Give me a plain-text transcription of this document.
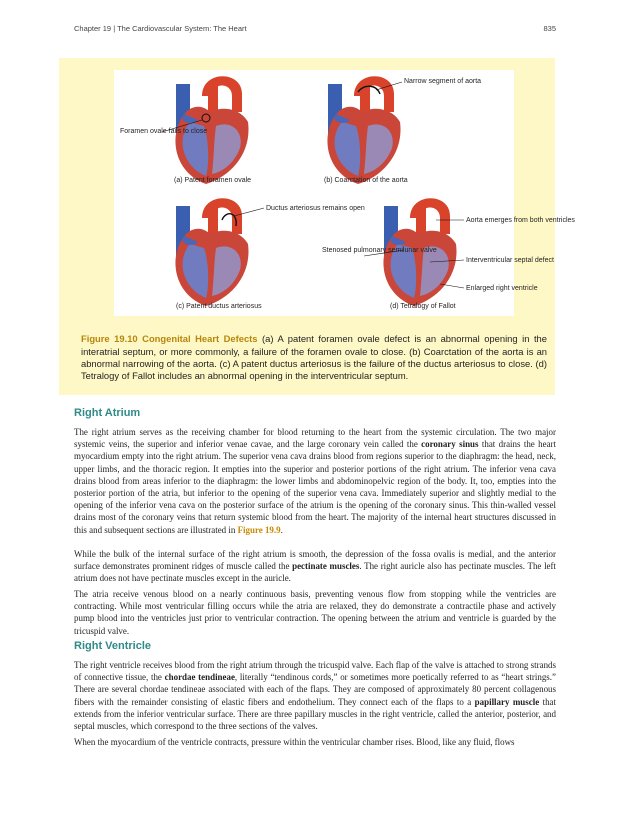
Chapter 19 | The Cardiovascular System: The Heart	835
Foramen ovale fails to close
(a) Patent foramen ovale
Narrow segment of aorta
(b) Coarctation of the aorta
Ductus arteriosus remains open
(c) Patent ductus arteriosus
Aorta emerges from both ventricles
Stenosed pulmonary semilunar valve
Interventricular septal defect
Enlarged right ventricle
(d) Tetralogy of Fallot

Figure 19.10 Congenital Heart Defects (a) A patent foramen ovale defect is an abnormal opening in the interatrial septum, or more commonly, a failure of the foramen ovale to close. (b) Coarctation of the aorta is an abnormal narrowing of the aorta. (c) A patent ductus arteriosus is the failure of the ductus arteriosus to close. (d) Tetralogy of Fallot includes an abnormal opening in the interventricular septum.

Right Atrium

The right atrium serves as the receiving chamber for blood returning to the heart from the systemic circulation. The two major systemic veins, the superior and inferior venae cavae, and the large coronary vein called the coronary sinus that drains the heart myocardium empty into the right atrium. The superior vena cava drains blood from regions superior to the diaphragm: the head, neck, upper limbs, and the thoracic region. It empties into the superior and posterior portions of the right atrium. The inferior vena cava drains blood from areas inferior to the diaphragm: the lower limbs and abdominopelvic region of the body. It, too, empties into the posterior portion of the atria, but inferior to the opening of the superior vena cava. Immediately superior and slightly medial to the opening of the inferior vena cava on the posterior surface of the atrium is the opening of the coronary sinus. This thin-walled vessel drains most of the coronary veins that return systemic blood from the heart. The majority of the internal heart structures discussed in this and subsequent sections are illustrated in Figure 19.9.

While the bulk of the internal surface of the right atrium is smooth, the depression of the fossa ovalis is medial, and the anterior surface demonstrates prominent ridges of muscle called the pectinate muscles. The right auricle also has pectinate muscles. The left atrium does not have pectinate muscles except in the auricle.

The atria receive venous blood on a nearly continuous basis, preventing venous flow from stopping while the ventricles are contracting. While most ventricular filling occurs while the atria are relaxed, they do demonstrate a contractile phase and actively pump blood into the ventricles just prior to ventricular contraction. The opening between the atrium and ventricle is guarded by the tricuspid valve.

Right Ventricle

The right ventricle receives blood from the right atrium through the tricuspid valve. Each flap of the valve is attached to strong strands of connective tissue, the chordae tendineae, literally “tendinous cords,” or sometimes more poetically referred to as “heart strings.” There are several chordae tendineae associated with each of the flaps. They are composed of approximately 80 percent collagenous fibers with the remainder consisting of elastic fibers and endothelium. They connect each of the flaps to a papillary muscle that extends from the inferior ventricular surface. There are three papillary muscles in the right ventricle, called the anterior, posterior, and septal muscles, which correspond to the three sections of the valves.

When the myocardium of the ventricle contracts, pressure within the ventricular chamber rises. Blood, like any fluid, flows
